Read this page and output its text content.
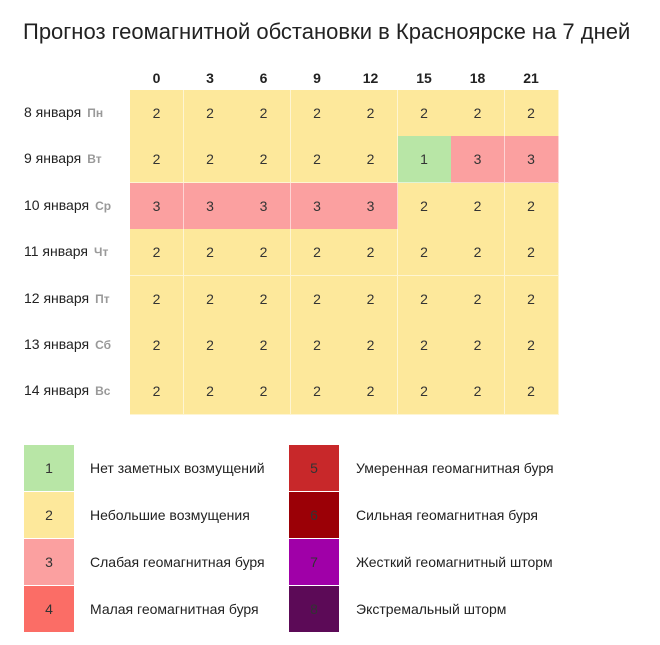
Прогноз геомагнитной обстановки в Красноярске на 7 дней
0	3	6	9	12	15	18	21
8 января Пн	2	2	2	2	2	2	2	2
9 января Вт	2	2	2	2	2	1	3	3
10 января Ср	3	3	3	3	3	2	2	2
11 января Чт	2	2	2	2	2	2	2	2
12 января Пт	2	2	2	2	2	2	2	2
13 января Сб	2	2	2	2	2	2	2	2
14 января Вс	2	2	2	2	2	2	2	2
1	Нет заметных возмущений
2	Небольшие возмущения
3	Слабая геомагнитная буря
4	Малая геомагнитная буря
5	Умеренная геомагнитная буря
6	Сильная геомагнитная буря
7	Жесткий геомагнитный шторм
8	Экстремальный шторм
